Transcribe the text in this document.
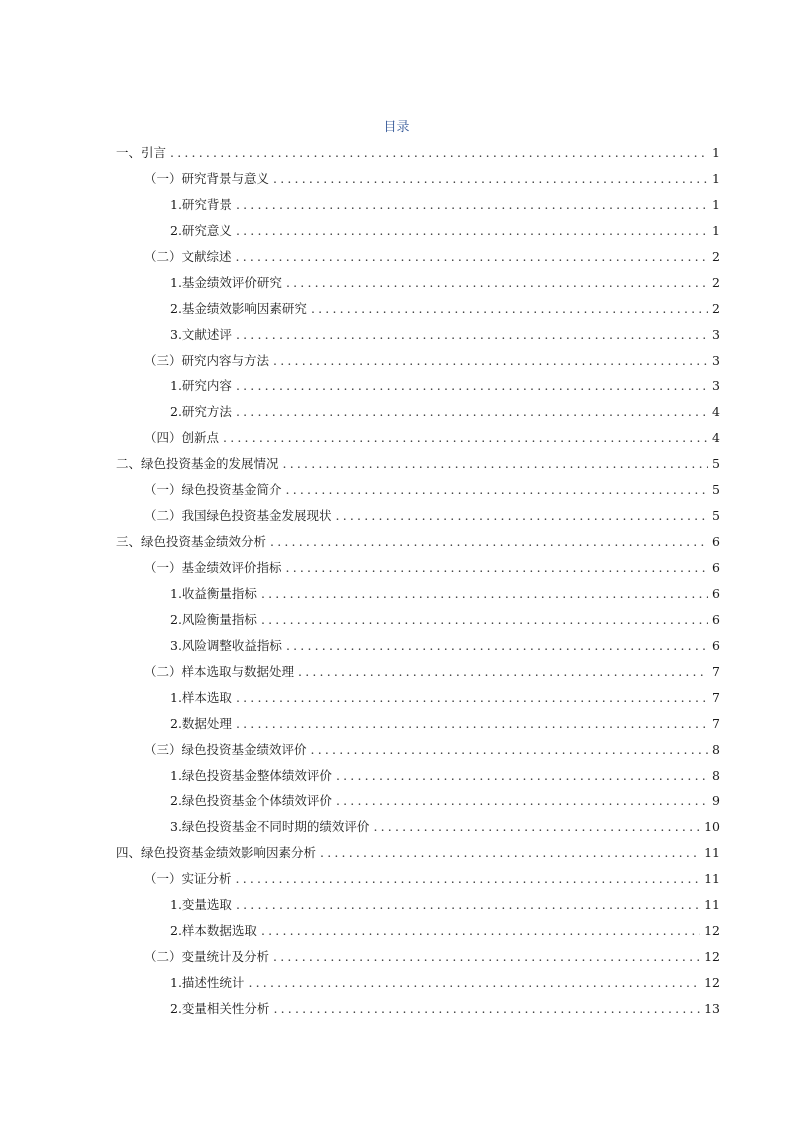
目录
一、引言 .....	1
（一）研究背景与意义 .....	1
1.研究背景 .....	1
2.研究意义 .....	1
（二）文献综述 .....	2
1.基金绩效评价研究 .....	2
2.基金绩效影响因素研究 .....	2
3.文献述评 .....	3
（三）研究内容与方法 .....	3
1.研究内容 .....	3
2.研究方法 .....	4
（四）创新点 .....	4
二、绿色投资基金的发展情况 .....	5
（一）绿色投资基金简介 .....	5
（二）我国绿色投资基金发展现状 .....	5
三、绿色投资基金绩效分析 .....	6
（一）基金绩效评价指标 .....	6
1.收益衡量指标 .....	6
2.风险衡量指标 .....	6
3.风险调整收益指标 .....	6
（二）样本选取与数据处理 .....	7
1.样本选取 .....	7
2.数据处理 .....	7
（三）绿色投资基金绩效评价 .....	8
1.绿色投资基金整体绩效评价 .....	8
2.绿色投资基金个体绩效评价 .....	9
3.绿色投资基金不同时期的绩效评价 .....	10
四、绿色投资基金绩效影响因素分析 .....	11
（一）实证分析 .....	11
1.变量选取 .....	11
2.样本数据选取 .....	12
（二）变量统计及分析 .....	12
1.描述性统计 .....	12
2.变量相关性分析 .....	13
